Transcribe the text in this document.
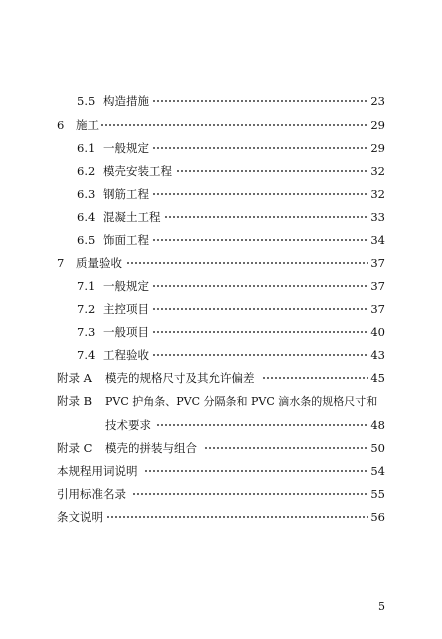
5.5 构造措施	23
6	施工	29
6.1 一般规定	29
6.2 模壳安装工程	32
6.3 钢筋工程	32
6.4 混凝土工程	33
6.5 饰面工程	34
7	质量验收	37
7.1 一般规定	37
7.2 主控项目	37
7.3 一般项目	40
7.4 工程验收	43
附录 A	模壳的规格尺寸及其允许偏差	45
附录 B	PVC 护角条、PVC 分隔条和 PVC 滴水条的规格尺寸和
技术要求	48
附录 C	模壳的拼装与组合	50
本规程用词说明	54
引用标准名录	55
条文说明	56
5
